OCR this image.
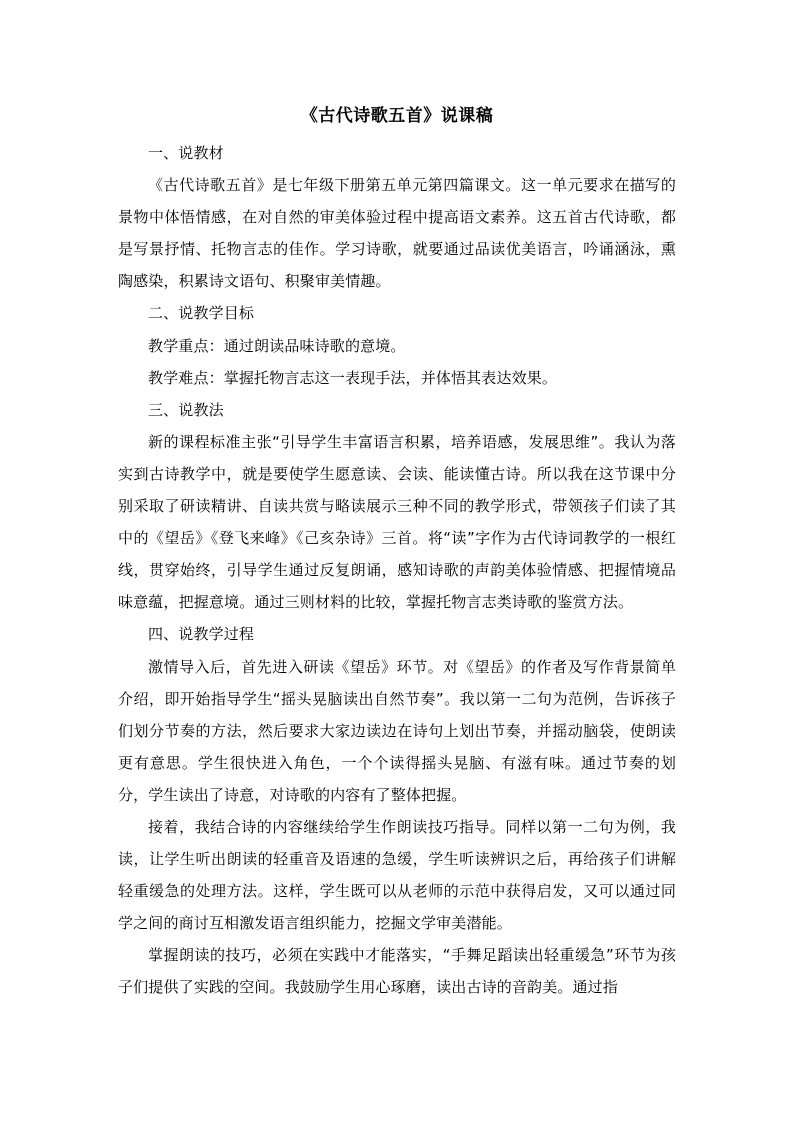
《古代诗歌五首》说课稿

一、说教材

《古代诗歌五首》是七年级下册第五单元第四篇课文。这一单元要求在描写的景物中体悟情感，在对自然的审美体验过程中提高语文素养。这五首古代诗歌，都是写景抒情、托物言志的佳作。学习诗歌，就要通过品读优美语言，吟诵涵泳，熏陶感染，积累诗文语句、积聚审美情趣。

二、说教学目标

教学重点：通过朗读品味诗歌的意境。

教学难点：掌握托物言志这一表现手法，并体悟其表达效果。

三、说教法

新的课程标准主张“引导学生丰富语言积累，培养语感，发展思维”。我认为落实到古诗教学中，就是要使学生愿意读、会读、能读懂古诗。所以我在这节课中分别采取了研读精讲、自读共赏与略读展示三种不同的教学形式，带领孩子们读了其中的《望岳》《登飞来峰》《己亥杂诗》三首。将“读”字作为古代诗词教学的一根红线，贯穿始终，引导学生通过反复朗诵，感知诗歌的声韵美体验情感、把握情境品味意蕴，把握意境。通过三则材料的比较，掌握托物言志类诗歌的鉴赏方法。

四、说教学过程

激情导入后，首先进入研读《望岳》环节。对《望岳》的作者及写作背景简单介绍，即开始指导学生“摇头晃脑读出自然节奏”。我以第一二句为范例，告诉孩子们划分节奏的方法，然后要求大家边读边在诗句上划出节奏，并摇动脑袋，使朗读更有意思。学生很快进入角色，一个个读得摇头晃脑、有滋有味。通过节奏的划分，学生读出了诗意，对诗歌的内容有了整体把握。

接着，我结合诗的内容继续给学生作朗读技巧指导。同样以第一二句为例，我读，让学生听出朗读的轻重音及语速的急缓，学生听读辨识之后，再给孩子们讲解轻重缓急的处理方法。这样，学生既可以从老师的示范中获得启发，又可以通过同学之间的商讨互相激发语言组织能力，挖掘文学审美潜能。

掌握朗读的技巧，必须在实践中才能落实，“手舞足蹈读出轻重缓急”环节为孩子们提供了实践的空间。我鼓励学生用心琢磨，读出古诗的音韵美。通过指
